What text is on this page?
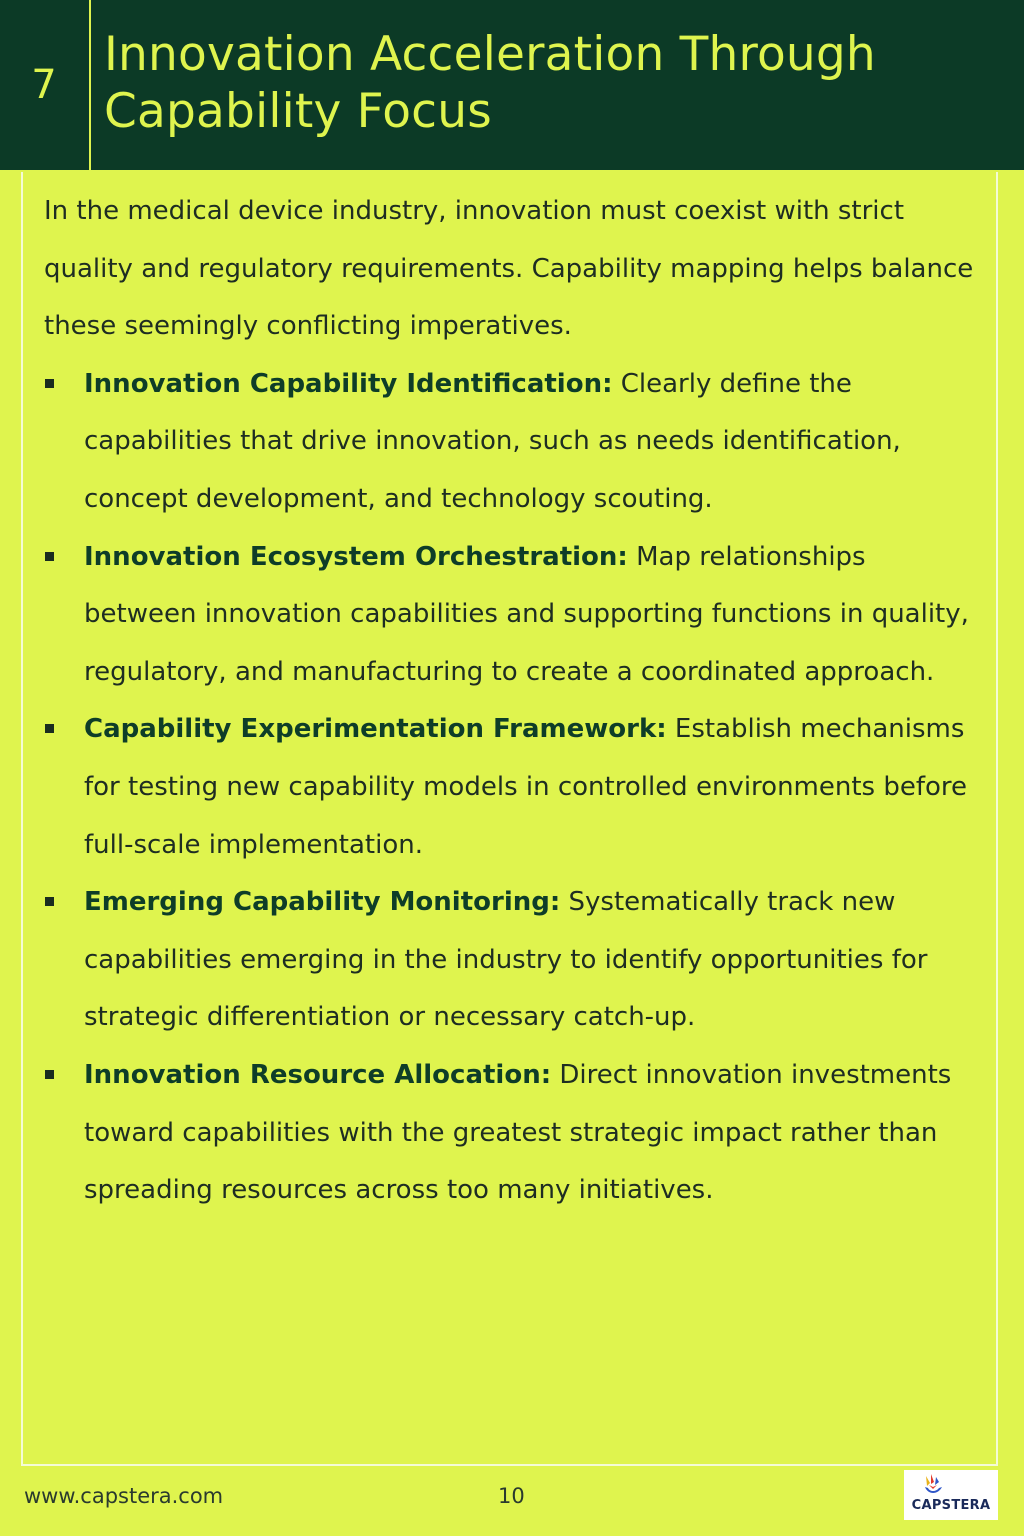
7
Innovation Acceleration Through Capability Focus

In the medical device industry, innovation must coexist with strict quality and regulatory requirements. Capability mapping helps balance these seemingly conflicting imperatives.

Innovation Capability Identification: Clearly define the capabilities that drive innovation, such as needs identification, concept development, and technology scouting.
Innovation Ecosystem Orchestration: Map relationships between innovation capabilities and supporting functions in quality, regulatory, and manufacturing to create a coordinated approach.
Capability Experimentation Framework: Establish mechanisms for testing new capability models in controlled environments before full-scale implementation.
Emerging Capability Monitoring: Systematically track new capabilities emerging in the industry to identify opportunities for strategic differentiation or necessary catch-up.
Innovation Resource Allocation: Direct innovation investments toward capabilities with the greatest strategic impact rather than spreading resources across too many initiatives.
www.capstera.com	10	CAPSTERA
